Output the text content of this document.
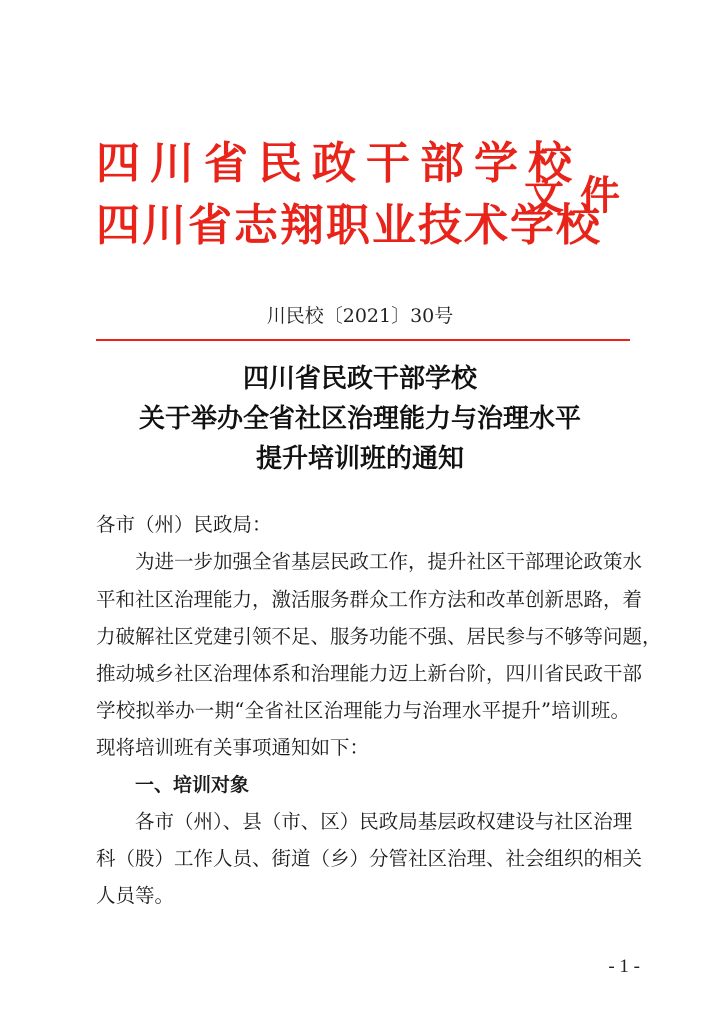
四川省民政干部学校
四川省志翔职业技术学校
文件
川民校〔2021〕30号
四川省民政干部学校
关于举办全省社区治理能力与治理水平
提升培训班的通知
各市（州）民政局：
为进一步加强全省基层民政工作，提升社区干部理论政策水
平和社区治理能力，激活服务群众工作方法和改革创新思路，着
力破解社区党建引领不足、服务功能不强、居民参与不够等问题，
推动城乡社区治理体系和治理能力迈上新台阶，四川省民政干部
学校拟举办一期“全省社区治理能力与治理水平提升”培训班。
现将培训班有关事项通知如下：
一、培训对象
各市（州）、县（市、区）民政局基层政权建设与社区治理
科（股）工作人员、街道（乡）分管社区治理、社会组织的相关
人员等。
- 1 -
